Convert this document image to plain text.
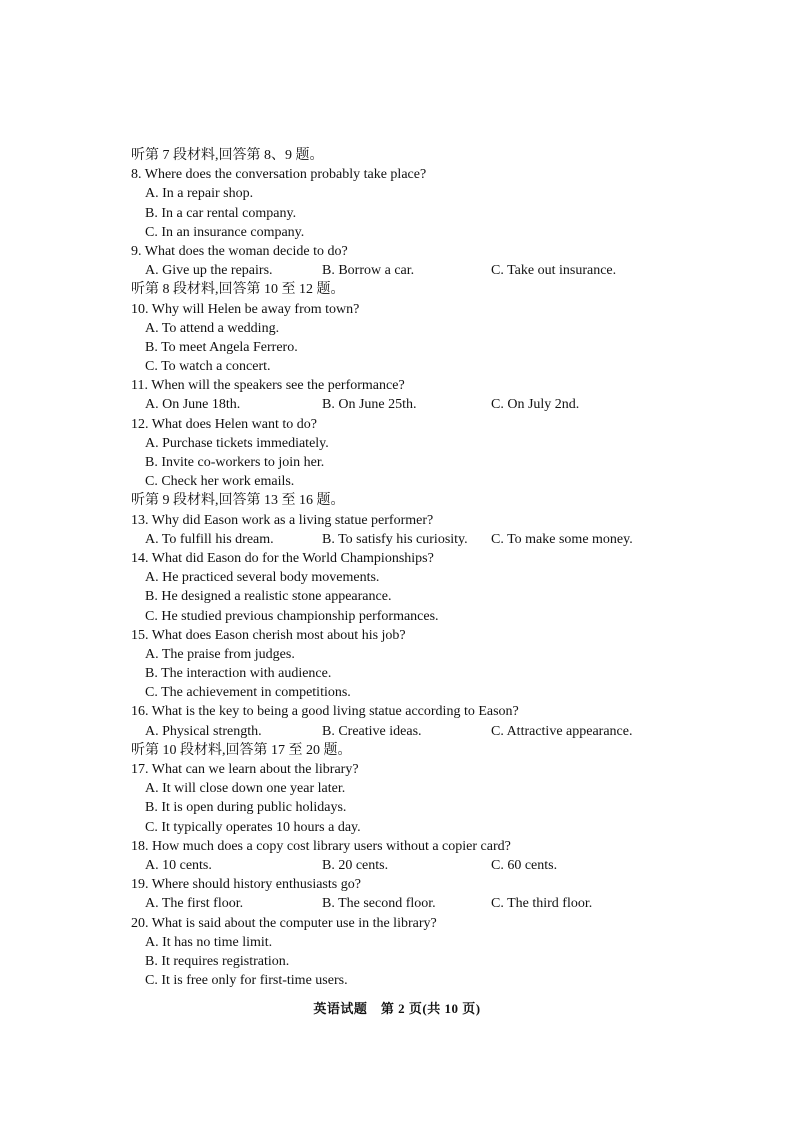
听第 7 段材料,回答第 8、9 题。
8. Where does the conversation probably take place?
A. In a repair shop.
B. In a car rental company.
C. In an insurance company.
9. What does the woman decide to do?
A. Give up the repairs.	B. Borrow a car.	C. Take out insurance.
听第 8 段材料,回答第 10 至 12 题。
10. Why will Helen be away from town?
A. To attend a wedding.
B. To meet Angela Ferrero.
C. To watch a concert.
11. When will the speakers see the performance?
A. On June 18th.	B. On June 25th.	C. On July 2nd.
12. What does Helen want to do?
A. Purchase tickets immediately.
B. Invite co-workers to join her.
C. Check her work emails.
听第 9 段材料,回答第 13 至 16 题。
13. Why did Eason work as a living statue performer?
A. To fulfill his dream.	B. To satisfy his curiosity.	C. To make some money.
14. What did Eason do for the World Championships?
A. He practiced several body movements.
B. He designed a realistic stone appearance.
C. He studied previous championship performances.
15. What does Eason cherish most about his job?
A. The praise from judges.
B. The interaction with audience.
C. The achievement in competitions.
16. What is the key to being a good living statue according to Eason?
A. Physical strength.	B. Creative ideas.	C. Attractive appearance.
听第 10 段材料,回答第 17 至 20 题。
17. What can we learn about the library?
A. It will close down one year later.
B. It is open during public holidays.
C. It typically operates 10 hours a day.
18. How much does a copy cost library users without a copier card?
A. 10 cents.	B. 20 cents.	C. 60 cents.
19. Where should history enthusiasts go?
A. The first floor.	B. The second floor.	C. The third floor.
20. What is said about the computer use in the library?
A. It has no time limit.
B. It requires registration.
C. It is free only for first-time users.
英语试题　第 2 页(共 10 页)
